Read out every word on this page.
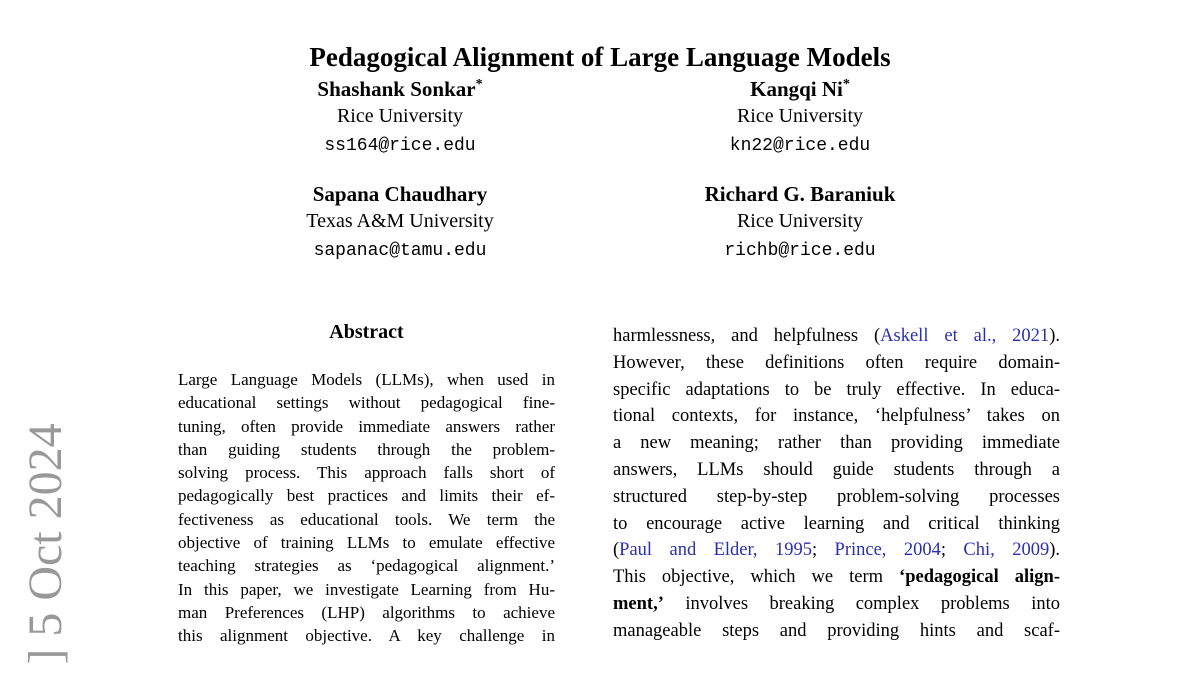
] 5 Oct 2024
Pedagogical Alignment of Large Language Models
Shashank Sonkar*
Rice University
ss164@rice.edu
Kangqi Ni*
Rice University
kn22@rice.edu
Sapana Chaudhary
Texas A&M University
sapanac@tamu.edu
Richard G. Baraniuk
Rice University
richb@rice.edu
Abstract
Large Language Models (LLMs), when used in
educational settings without pedagogical fine-
tuning, often provide immediate answers rather
than guiding students through the problem-
solving process. This approach falls short of
pedagogically best practices and limits their ef-
fectiveness as educational tools. We term the
objective of training LLMs to emulate effective
teaching strategies as ‘pedagogical alignment.’
In this paper, we investigate Learning from Hu-
man Preferences (LHP) algorithms to achieve
this alignment objective. A key challenge in
harmlessness, and helpfulness (Askell et al., 2021).
However, these definitions often require domain-
specific adaptations to be truly effective. In educa-
tional contexts, for instance, ‘helpfulness’ takes on
a new meaning; rather than providing immediate
answers, LLMs should guide students through a
structured step-by-step problem-solving processes
to encourage active learning and critical thinking
(Paul and Elder, 1995; Prince, 2004; Chi, 2009).
This objective, which we term ‘pedagogical align-
ment,’ involves breaking complex problems into
manageable steps and providing hints and scaf-
